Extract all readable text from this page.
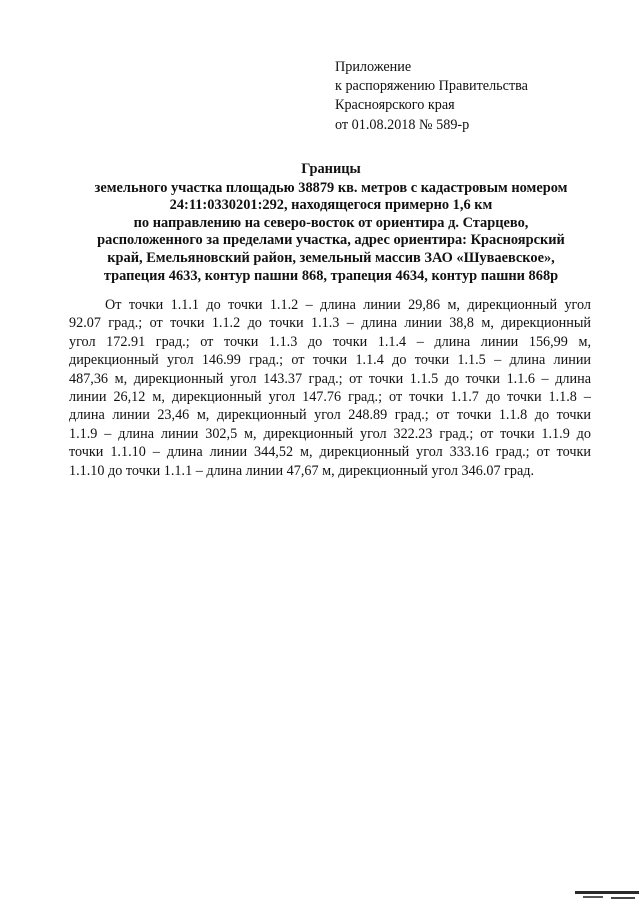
Приложение
к распоряжению Правительства
Красноярского края
от 01.08.2018 № 589-р
Границы
земельного участка площадью 38879 кв. метров с кадастровым номером
24:11:0330201:292, находящегося примерно 1,6 км
по направлению на северо-восток от ориентира д. Старцево,
расположенного за пределами участка, адрес ориентира: Красноярский
край, Емельяновский район, земельный массив ЗАО «Шуваевское»,
трапеция 4633, контур пашни 868, трапеция 4634, контур пашни 868р
От точки 1.1.1 до точки 1.1.2 – длина линии 29,86 м, дирекционный угол
92.07 град.; от точки 1.1.2 до точки 1.1.3 – длина линии 38,8 м, дирекционный
угол 172.91 град.; от точки 1.1.3 до точки 1.1.4 – длина линии 156,99 м,
дирекционный угол 146.99 град.; от точки 1.1.4 до точки 1.1.5 – длина линии
487,36 м, дирекционный угол 143.37 град.; от точки 1.1.5 до точки 1.1.6 – длина
линии 26,12 м, дирекционный угол 147.76 град.; от точки 1.1.7 до точки 1.1.8 –
длина линии 23,46 м, дирекционный угол 248.89 град.; от точки 1.1.8 до точки
1.1.9 – длина линии 302,5 м, дирекционный угол 322.23 град.; от точки 1.1.9 до
точки 1.1.10 – длина линии 344,52 м, дирекционный угол 333.16 град.; от точки
1.1.10 до точки 1.1.1 – длина линии 47,67 м, дирекционный угол 346.07 град.
